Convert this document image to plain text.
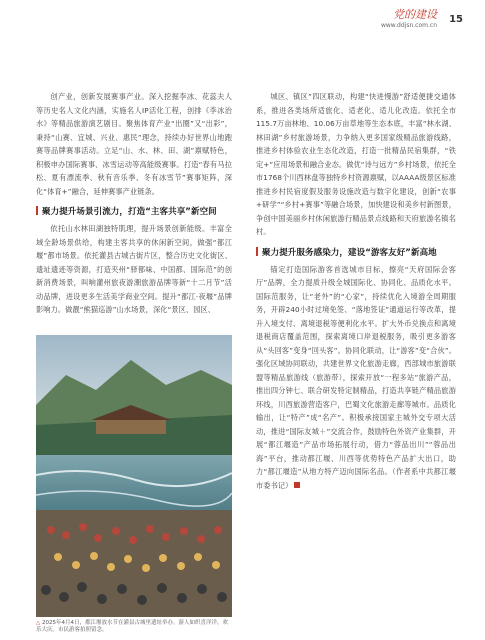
党的建设
www.ddjsn.com.cn
15

创产业，创新发展赛事产业。深入挖掘李冰、花蕊夫人等历史名人文化内涵，实施名人IP活化工程，创排《李冰治水》等精品旅游演艺剧目。聚焦体育产业“出圈”又“出彩”，秉持“山赛、宜城、兴业、惠民”理念，持续办好世界山地跑赛等品牌赛事活动。立足“山、水、林、田、湖”禀赋特色，积极申办国际赛事、冰雪运动等高能级赛事。打造“春有马拉松、夏有漂流季、秋有音乐季、冬有冰雪节”赛事矩阵，深化“体育+”融合，延伸赛事产业链条。

聚力提升场景引流力，打造“主客共享”新空间

依托山水林田湖独特肌理，提升场景创新能级。丰富全域全龄场景供给，构建主客共享的休闲新空间，做强“都江堰”都市场景。依托灌县古城古街片区，整合历史文化街区、遗址遗迹等资源，打造夹州“驿都味、中国都、国际范”的创新消费场景，叫响灌州旅夜游潮旅游品牌等新“十二月节”活动品牌，进设更多生活美学商业空间。提升“都江·夜堰”品牌影响力。做靓“熊猫巡游”山水场景，深化“景区、园区、

△ 2025年4月4日，都江堰放水节在灌县古城里遗址举办。游人如织喜洋洋，欢乐大庆。市民游客拍照留念。

城区、镇区”四区联动，构建“快进慢游”舒适便捷交通体系，推进各类场所适旅化、适老化、适儿化改造。依托全市115.7万亩林地、10.06万亩草地等生态本底，丰富“林水湖、林田湖”乡村旅游场景，力争纳入更多国家级精品旅游线路，推进乡村体验农业生态化改造，打造一批精品民宿集群，“铁定+”应用场景和融合业态。做优“诗与远方”乡村场景，依托全市1768个川西林盘等独特乡村资源禀赋，以AAAA级景区标准推进乡村民宿度假及服务设施改造与数字化建设，创新“农事+研学”“乡村+赛事”等融合场景，加快建设和美乡村新图景，争创中国美丽乡村休闲旅游行精品景点线路和天府旅游名镇名村。

聚力提升服务感染力，建设“游客友好”新高地

锚定打造国际游客首选城市目标，擦亮“天府国际会客厅”品牌，全力提质升级全城国际化、协同化、品质化水平。国际范服务，让“老外”的“心家”，持续优化入境游全周期服务，开辟240小时过境免签、“落地签证”通道运行等改革，提升入境支付、离境退税等便利化水平。扩大外币兑换点和离境退税商店覆盖范围，探索离境口岸退税服务，吸引更多游客从“头回客”变身“回头客”。协同化联动，让“游客”变“合伙”。强化区域协同联动，共建世界文化旅游走廊，西部城市旅游联盟等精品旅游线（旅游带），探索开放“一程多站”旅游产品，推出四分钟七、联合研发特定制精品，打造共享链产精品旅游环线，川西旅游营造客户，巴蜀文化旅游走廊等城市。品质化输出，让“特产”成“名产”。积极承接国家主城外交专项大活动，推进“国际友城＋”交流合作，鼓励特色外资产业集群，开展“都江堰造”产品市场拓展行动，借力“蓉品出川”“蓉品出海”平台，推动都江堰、川西等优势特色产品扩大出口，助力“都江堰造”从地方特产迈向国际名品。（作者系中共都江堰市委书记）
